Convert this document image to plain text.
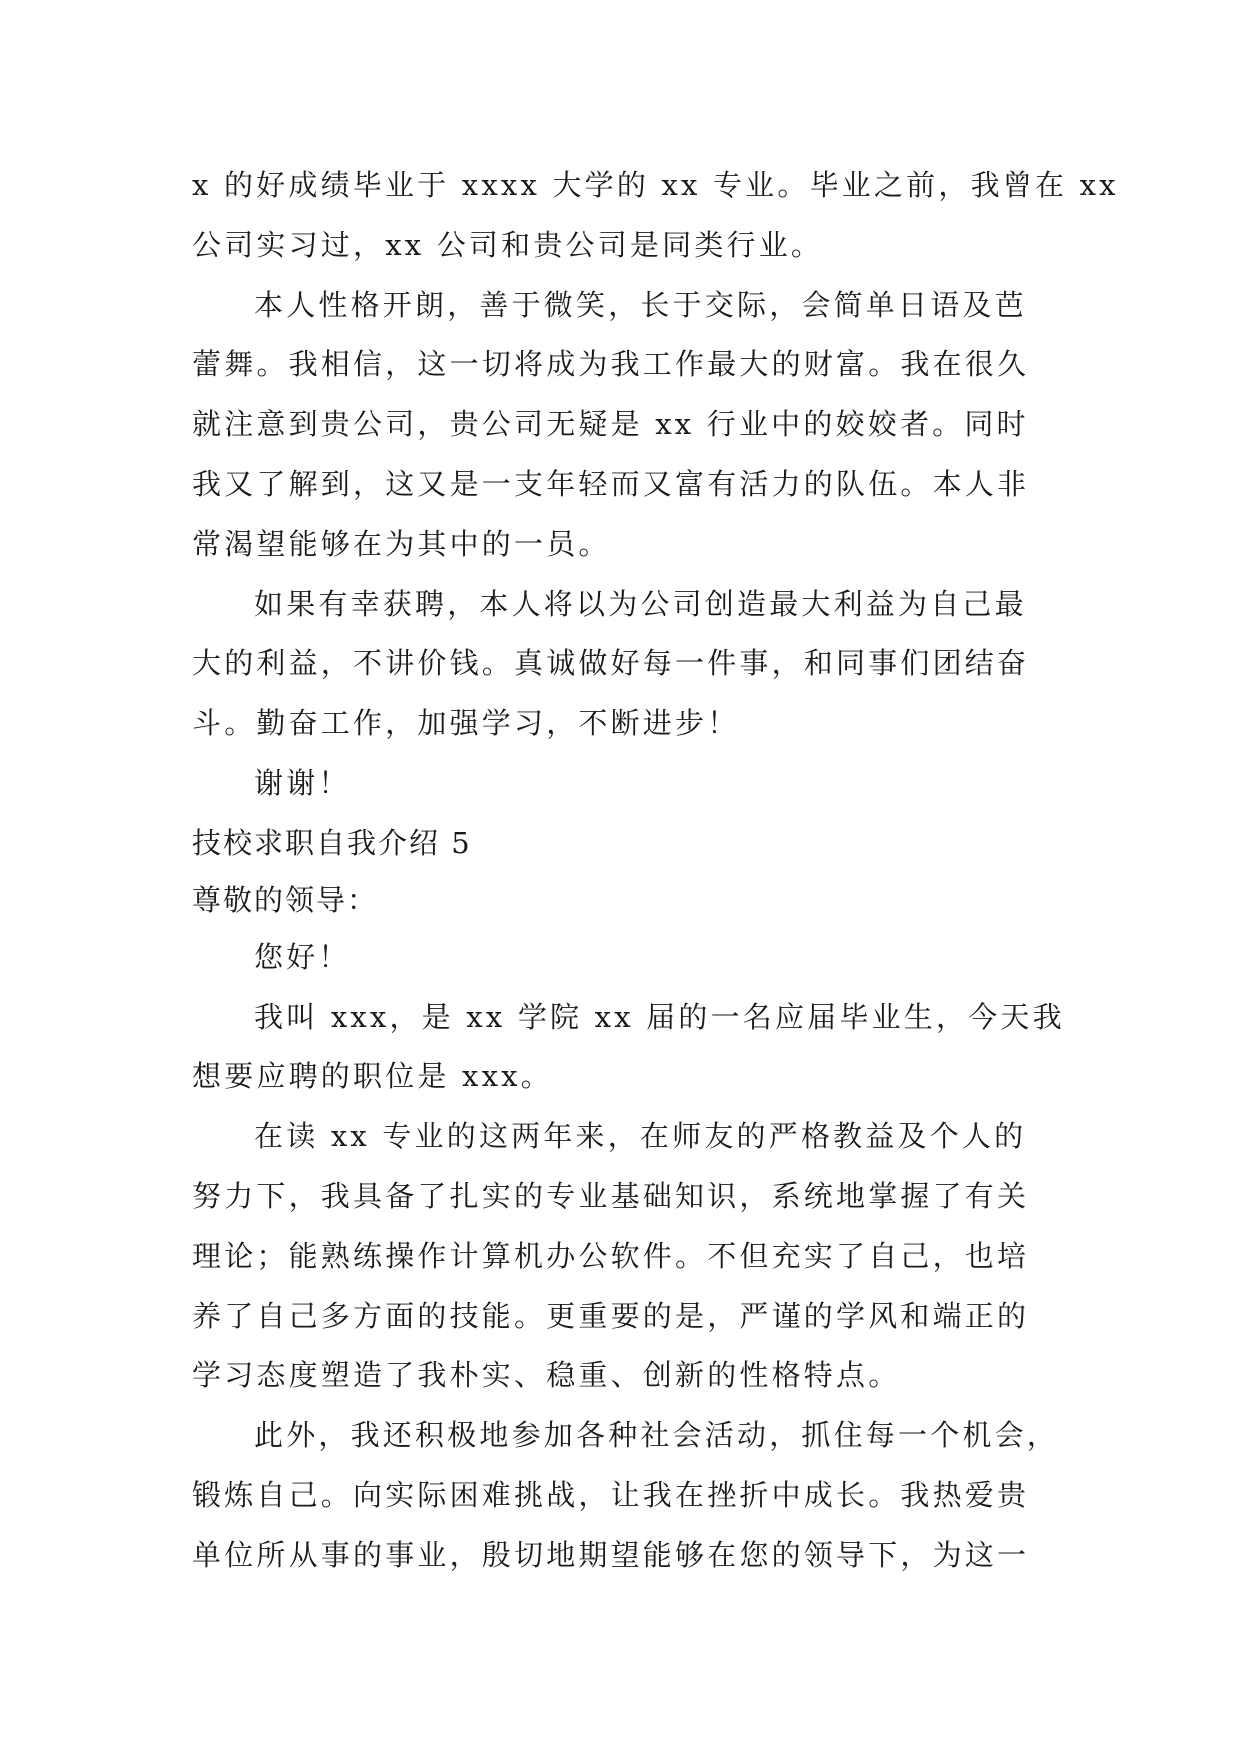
x 的好成绩毕业于 xxxx 大学的 xx 专业。毕业之前，我曾在 xx
公司实习过，xx 公司和贵公司是同类行业。
本人性格开朗，善于微笑，长于交际，会简单日语及芭
蕾舞。我相信，这一切将成为我工作最大的财富。我在很久
就注意到贵公司，贵公司无疑是 xx 行业中的姣姣者。同时
我又了解到，这又是一支年轻而又富有活力的队伍。本人非
常渴望能够在为其中的一员。
如果有幸获聘，本人将以为公司创造最大利益为自己最
大的利益，不讲价钱。真诚做好每一件事，和同事们团结奋
斗。勤奋工作，加强学习，不断进步！
谢谢！
技校求职自我介绍 5
尊敬的领导：
您好！
我叫 xxx，是 xx 学院 xx 届的一名应届毕业生，今天我
想要应聘的职位是 xxx。
在读 xx 专业的这两年来，在师友的严格教益及个人的
努力下，我具备了扎实的专业基础知识，系统地掌握了有关
理论；能熟练操作计算机办公软件。不但充实了自己，也培
养了自己多方面的技能。更重要的是，严谨的学风和端正的
学习态度塑造了我朴实、稳重、创新的性格特点。
此外，我还积极地参加各种社会活动，抓住每一个机会，
锻炼自己。向实际困难挑战，让我在挫折中成长。我热爱贵
单位所从事的事业，殷切地期望能够在您的领导下，为这一
